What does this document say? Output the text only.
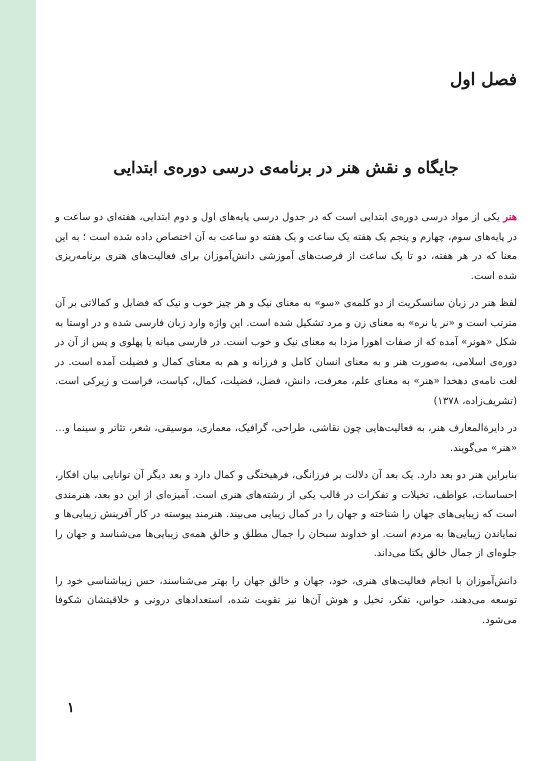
فصل اول
جایگاه و نقش هنر در برنامه‌ی درسی دوره‌ی ابتدایی

هنر یکی از مواد درسی دوره‌ی ابتدایی است که در جدول درسی پایه‌های اول و دوم ابتدایی، هفته‌ای دو ساعت و در پایه‌های سوم، چهارم و پنجم یک هفته یک ساعت و یک هفته دو ساعت به آن اختصاص داده شده است ؛ به این معنا که در هر هفته، دو تا یک ساعت از فرصت‌های آموزشی دانش‌آموزان برای فعالیت‌های هنری برنامه‌ریزی شده است.

لفظ هنر در زبان سانسکریت از دو کلمه‌ی «سو» به معنای نیک و هر چیز خوب و نیک که فضایل و کمالاتی بر آن مترتب است و «نر یا نره» به معنای زن و مرد تشکیل شده است. این واژه وارد زبان فارسی شده و در اوستا به شکل «هونر» آمده که از صفات اهورا مزدا به معنای نیک و خوب است. در فارسی میانه یا پهلوی و پس از آن در دوره‌ی اسلامی، به‌صورت هنر و به معنای انسان کامل و فرزانه و هم به معنای کمال و فضیلت آمده است. در لغت نامه‌ی دهخدا «هنر» به معنای علم، معرفت، دانش، فضل، فضیلت، کمال، کیاست، فراست و زیرکی است. (تشریف‌زاده، ۱۳۷۸)

در دایرة‌المعارف هنر، به فعالیت‌هایی چون نقاشی، طراحی، گرافیک، معماری، موسیقی، شعر، تئاتر و سینما و… «هنر» می‌گویند.

بنابراین هنر دو بعد دارد. یک بعد آن دلالت بر فرزانگی، فرهیختگی و کمال دارد و بعد دیگر آن توانایی بیان افکار، احساسات، عواطف، تخیلات و تفکرات در قالب یکی از رشته‌های هنری است. آمیزه‌ای از این دو بعد، هنرمندی است که زیبایی‌های جهان را شناخته و جهان را در کمال زیبایی می‌بیند. هنرمند پیوسته در کار آفرینش زیبایی‌ها و نمایاندن زیبایی‌ها به مردم است. او خداوند سبحان را جمال مطلق و خالق همه‌ی زیبایی‌ها می‌شناسد و جهان را جلوه‌ای از جمال خالق یکتا می‌داند.

دانش‌آموزان با انجام فعالیت‌های هنری، خود، جهان و خالق جهان را بهتر می‌شناسند، حس زیباشناسی خود را توسعه می‌دهند، حواس، تفکر، تخیل و هوش آن‌ها نیز تقویت شده، استعدادهای درونی و خلاقیتشان شکوفا می‌شود.

۱
